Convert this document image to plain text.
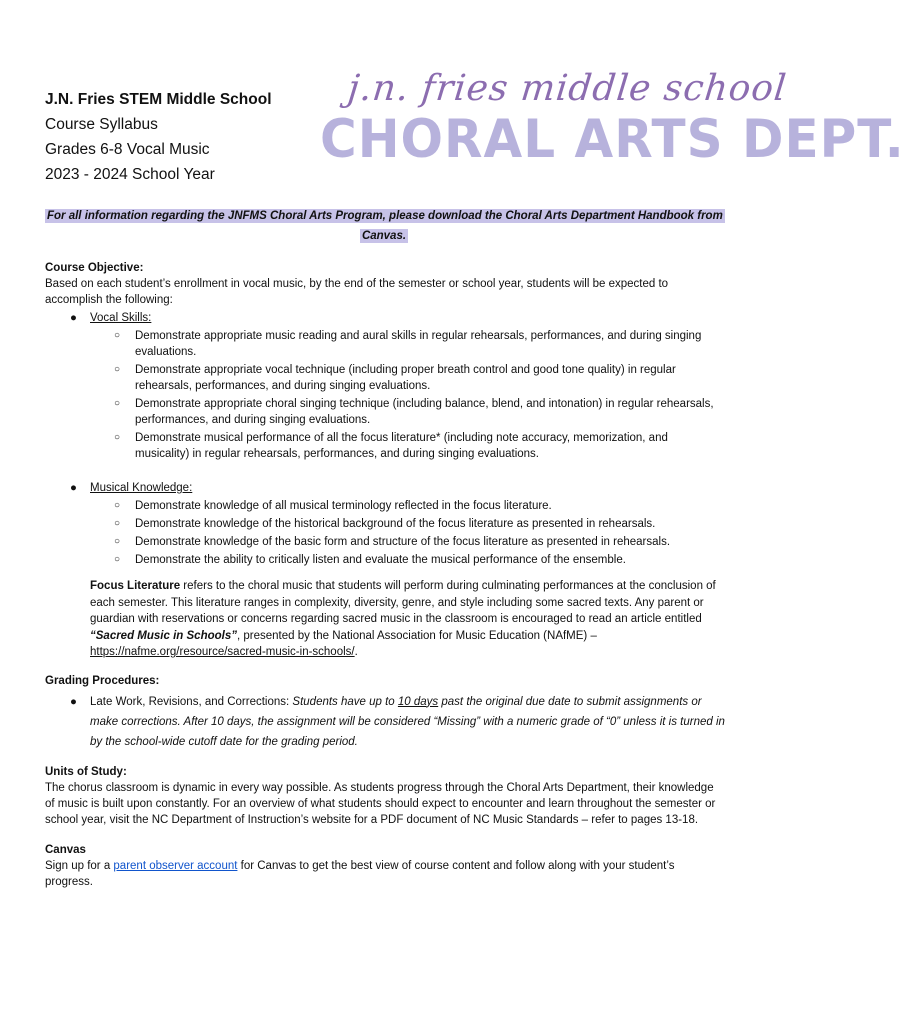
J.N. Fries STEM Middle School
Course Syllabus
Grades 6-8 Vocal Music
2023 - 2024 School Year
j.n. fries middle school
CHORAL ARTS DEPT.
For all information regarding the JNFMS Choral Arts Program, please download the Choral Arts Department Handbook from Canvas.
Course Objective:
Based on each student’s enrollment in vocal music, by the end of the semester or school year, students will be expected to accomplish the following:
● Vocal Skills:
○ Demonstrate appropriate music reading and aural skills in regular rehearsals, performances, and during singing evaluations.
○ Demonstrate appropriate vocal technique (including proper breath control and good tone quality) in regular rehearsals, performances, and during singing evaluations.
○ Demonstrate appropriate choral singing technique (including balance, blend, and intonation) in regular rehearsals, performances, and during singing evaluations.
○ Demonstrate musical performance of all the focus literature* (including note accuracy, memorization, and musicality) in regular rehearsals, performances, and during singing evaluations.
● Musical Knowledge:
○ Demonstrate knowledge of all musical terminology reflected in the focus literature.
○ Demonstrate knowledge of the historical background of the focus literature as presented in rehearsals.
○ Demonstrate knowledge of the basic form and structure of the focus literature as presented in rehearsals.
○ Demonstrate the ability to critically listen and evaluate the musical performance of the ensemble.
Focus Literature refers to the choral music that students will perform during culminating performances at the conclusion of each semester. This literature ranges in complexity, diversity, genre, and style including some sacred texts. Any parent or guardian with reservations or concerns regarding sacred music in the classroom is encouraged to read an article entitled “Sacred Music in Schools”, presented by the National Association for Music Education (NAfME) – https://nafme.org/resource/sacred-music-in-schools/.
Grading Procedures:
● Late Work, Revisions, and Corrections: Students have up to 10 days past the original due date to submit assignments or make corrections. After 10 days, the assignment will be considered “Missing” with a numeric grade of “0” unless it is turned in by the school-wide cutoff date for the grading period.
Units of Study:
The chorus classroom is dynamic in every way possible. As students progress through the Choral Arts Department, their knowledge of music is built upon constantly. For an overview of what students should expect to encounter and learn throughout the semester or school year, visit the NC Department of Instruction’s website for a PDF document of NC Music Standards – refer to pages 13-18.
Canvas
Sign up for a parent observer account for Canvas to get the best view of course content and follow along with your student’s progress.
